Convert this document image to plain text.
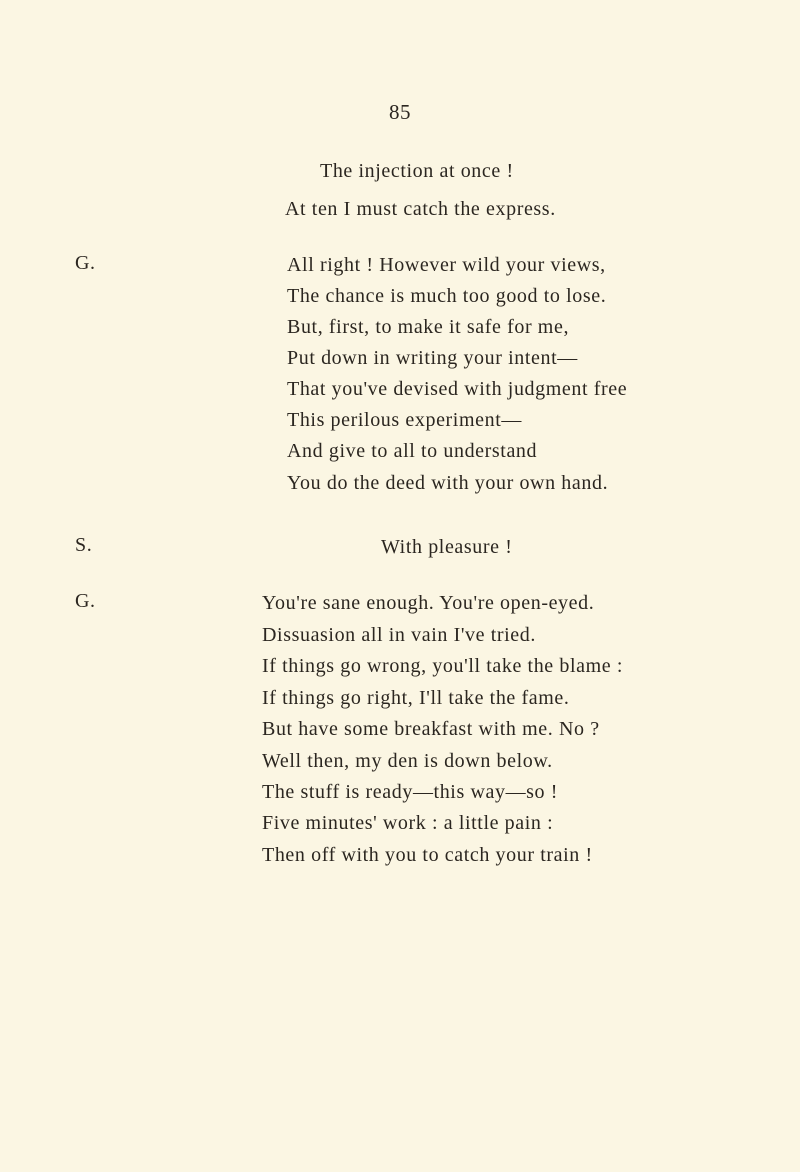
85
The injection at once !
At ten I must catch the express.
G.	All right ! However wild your views,
The chance is much too good to lose.
But, first, to make it safe for me,
Put down in writing your intent—
That you've devised with judgment free
This perilous experiment—
And give to all to understand
You do the deed with your own hand.
S.	With pleasure !
G.	You're sane enough. You're open-eyed.
Dissuasion all in vain I've tried.
If things go wrong, you'll take the blame :
If things go right, I'll take the fame.
But have some breakfast with me. No ?
Well then, my den is down below.
The stuff is ready—this way—so !
Five minutes' work : a little pain :
Then off with you to catch your train !
